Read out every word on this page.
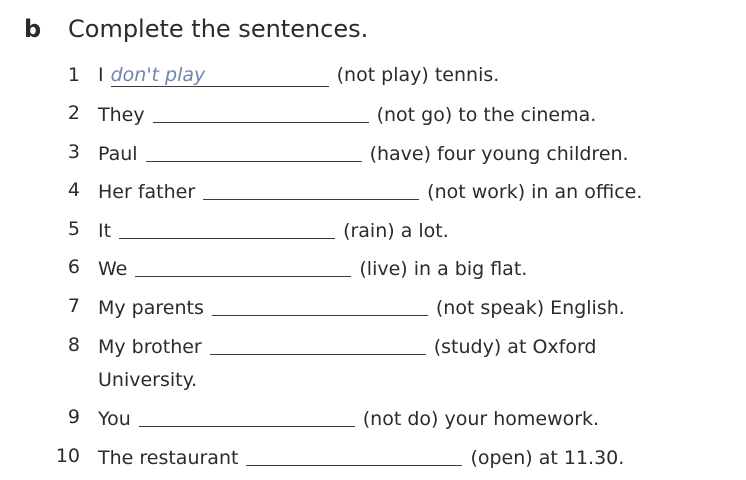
b Complete the sentences.
1 I don't play	(not play) tennis.
2 They	(not go) to the cinema.
3 Paul	(have) four young children.
4 Her father	(not work) in an office.
5 It	(rain) a lot.
6 We	(live) in a big flat.
7 My parents	(not speak) English.
8 My brother	(study) at Oxford
University.
9 You	(not do) your homework.
10 The restaurant	(open) at 11.30.
